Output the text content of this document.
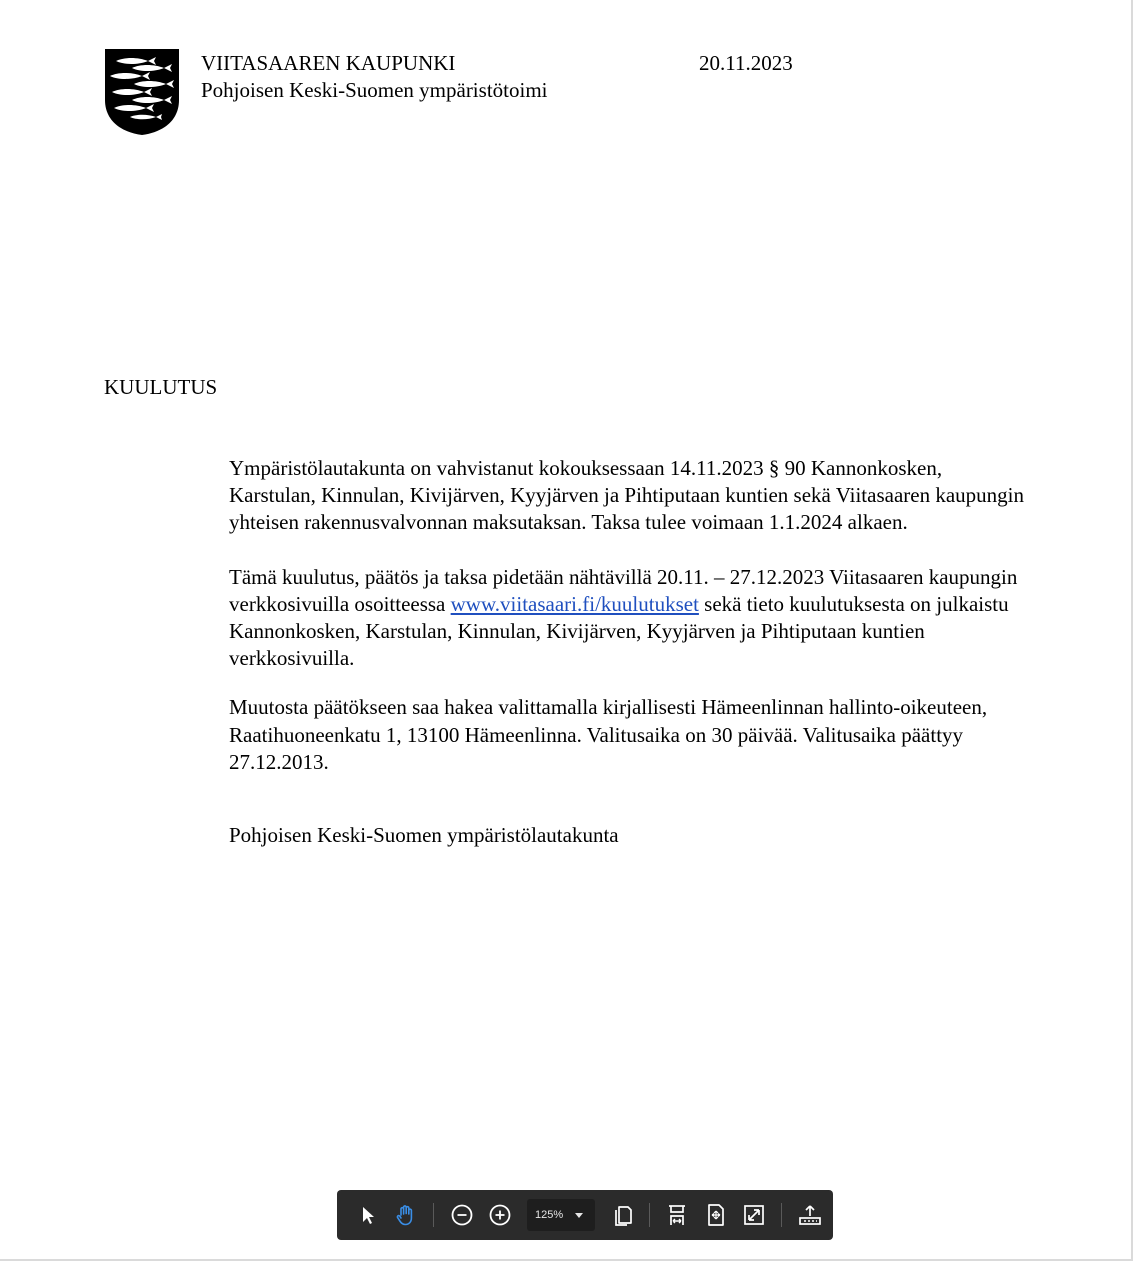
VIITASAAREN KAUPUNKI
Pohjoisen Keski-Suomen ympäristötoimi
20.11.2023
KUULUTUS

Ympäristölautakunta on vahvistanut kokouksessaan 14.11.2023 § 90 Kannonkosken, Karstulan, Kinnulan, Kivijärven, Kyyjärven ja Pihtiputaan kuntien sekä Viitasaaren kaupungin yhteisen rakennusvalvonnan maksutaksan. Taksa tulee voimaan 1.1.2024 alkaen.

Tämä kuulutus, päätös ja taksa pidetään nähtävillä 20.11. – 27.12.2023 Viitasaaren kaupungin verkkosivuilla osoitteessa www.viitasaari.fi/kuulutukset sekä tieto kuulutuksesta on julkaistu Kannonkosken, Karstulan, Kinnulan, Kivijärven, Kyyjärven ja Pihtiputaan kuntien verkkosivuilla.

Muutosta päätökseen saa hakea valittamalla kirjallisesti Hämeenlinnan hallinto-oikeuteen, Raatihuoneenkatu 1, 13100 Hämeenlinna. Valitusaika on 30 päivää. Valitusaika päättyy 27.12.2013.

Pohjoisen Keski-Suomen ympäristölautakunta

125%
